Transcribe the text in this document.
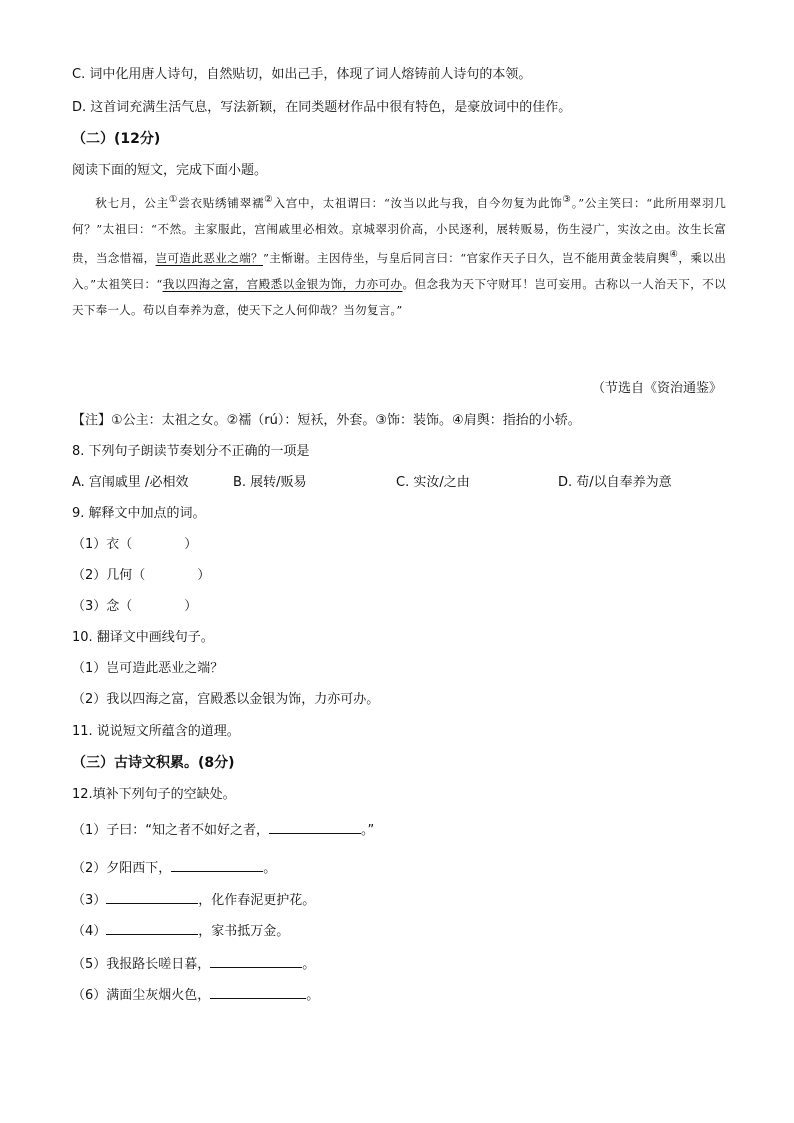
C. 词中化用唐人诗句，自然贴切，如出己手，体现了词人熔铸前人诗句的本领。
D. 这首词充满生活气息，写法新颖，在同类题材作品中很有特色，是豪放词中的佳作。
（二）(12分)
阅读下面的短文，完成下面小题。

秋七月，公主①尝衣贴绣铺翠襦②入宫中，太祖谓曰：“汝当以此与我，自今勿复为此饰③。”公主笑曰：“此所用翠羽几何？”太祖曰：“不然。主家服此，宫闱戚里必相效。京城翠羽价高，小民逐利，展转贩易，伤生浸广，实汝之由。汝生长富贵，当念惜福，岂可造此恶业之端？”主惭谢。主因侍坐，与皇后同言曰：“官家作天子日久，岂不能用黄金装肩舆④，乘以出入。”太祖笑曰：“我以四海之富，宫殿悉以金银为饰，力亦可办。但念我为天下守财耳！岂可妄用。古称以一人治天下，不以天下奉一人。苟以自奉养为意，使天下之人何仰哉？当勿复言。”

（节选自《资治通鉴》
【注】①公主：太祖之女。②襦（rú）：短袄，外套。③饰：装饰。④肩舆：指抬的小轿。
8. 下列句子朗读节奏划分不正确的一项是
A. 宫闱戚里 /必相效	B. 展转/贩易	C. 实汝/之由	D. 苟/以自奉养为意
9. 解释文中加点的词。
（1）衣（　　　　）
（2）几何（　　　　）
（3）念（　　　　）
10. 翻译文中画线句子。
（1）岂可造此恶业之端？
（2）我以四海之富，宫殿悉以金银为饰，力亦可办。
11. 说说短文所蕴含的道理。
（三）古诗文积累。(8分)
12.填补下列句子的空缺处。
（1）子曰：“知之者不如好之者，	。”
（2）夕阳西下，	。
（3）	，化作春泥更护花。
（4）	，家书抵万金。
（5）我报路长嗟日暮，	。
（6）满面尘灰烟火色，	。
